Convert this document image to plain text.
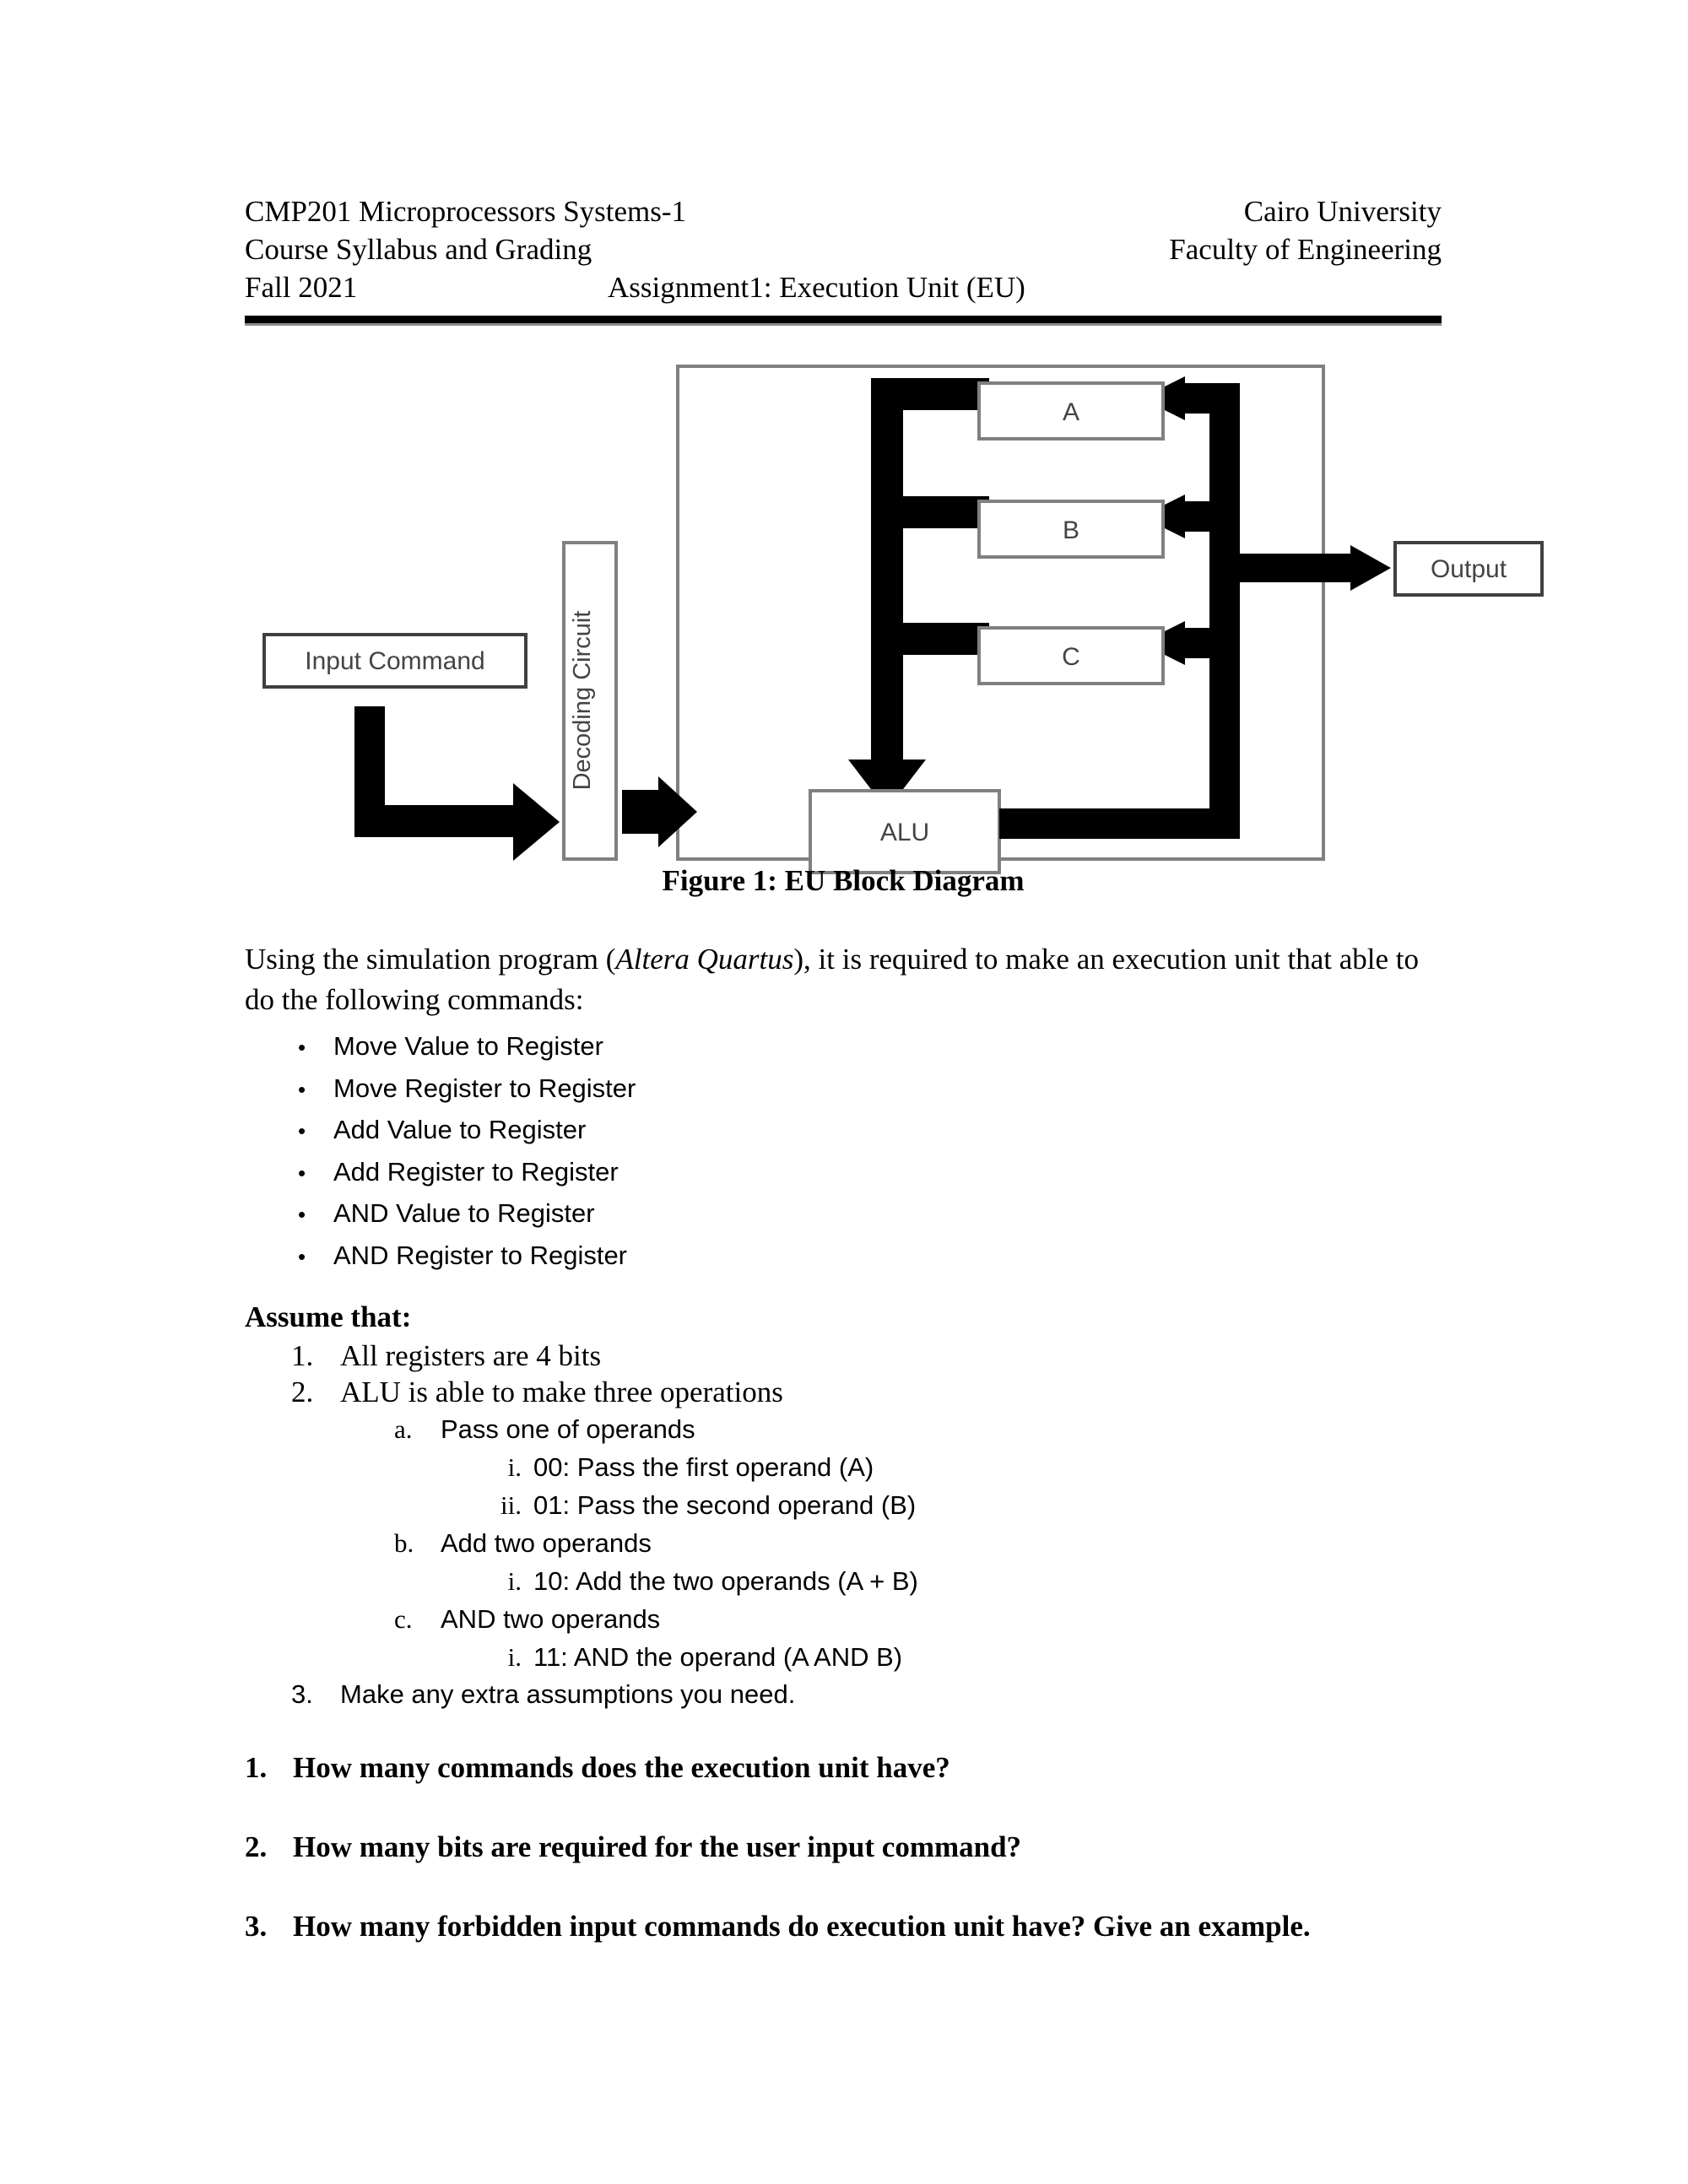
CMP201 Microprocessors Systems-1	Cairo University
Course Syllabus and Grading	Faculty of Engineering
Fall 2021	Assignment1: Execution Unit (EU)
ALU
Output
A
B
C
Decoding Circuit
Input Command
Figure 1: EU Block Diagram
Using the simulation program (Altera Quartus), it is required to make an execution unit that able to do the following commands:
•	Move Value to Register
•	Move Register to Register
•	Add Value to Register
•	Add Register to Register
•	AND Value to Register
•	AND Register to Register
Assume that:
1. All registers are 4 bits
2. ALU is able to make three operations
a.	Pass one of operands
i. 00: Pass the first operand (A)
ii. 01: Pass the second operand (B)
b.	Add two operands
i. 10: Add the two operands (A + B)
c.	AND two operands
i. 11: AND the operand (A AND B)
3.	Make any extra assumptions you need.
1. How many commands does the execution unit have?
2. How many bits are required for the user input command?
3. How many forbidden input commands do execution unit have? Give an example.
